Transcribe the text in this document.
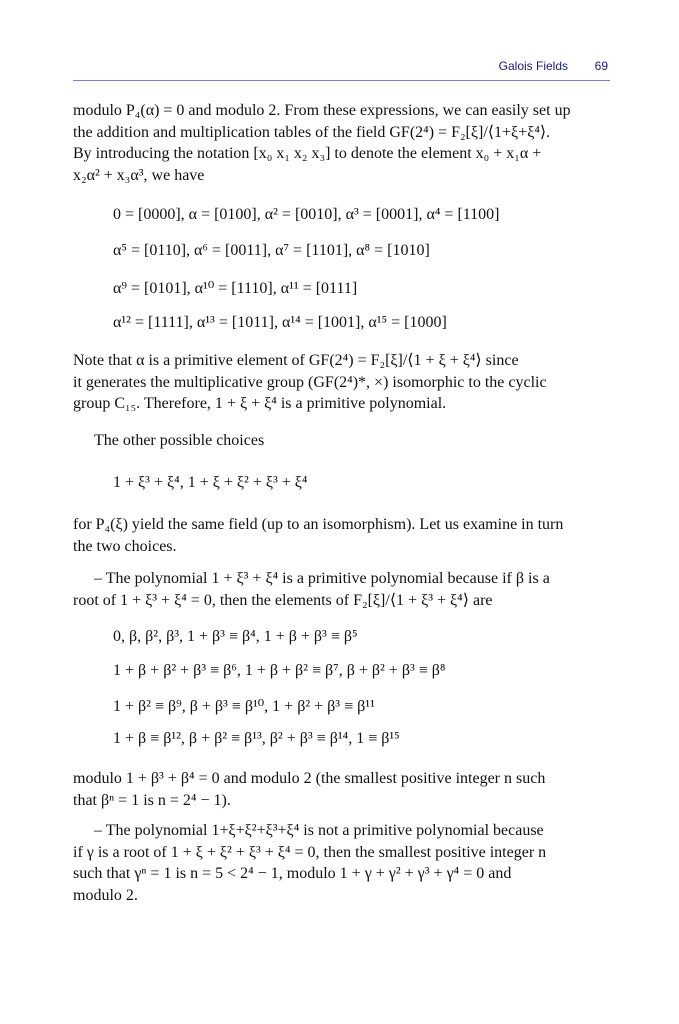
Galois Fields 69
modulo P₄(α) = 0 and modulo 2. From these expressions, we can easily set up
the addition and multiplication tables of the field GF(2⁴) = F₂[ξ]/⟨1+ξ+ξ⁴⟩.
By introducing the notation [x₀ x₁ x₂ x₃] to denote the element x₀ + x₁α +
x₂α² + x₃α³, we have
0 = [0000], α = [0100], α² = [0010], α³ = [0001], α⁴ = [1100]
α⁵ = [0110], α⁶ = [0011], α⁷ = [1101], α⁸ = [1010]
α⁹ = [0101], α¹⁰ = [1110], α¹¹ = [0111]
α¹² = [1111], α¹³ = [1011], α¹⁴ = [1001], α¹⁵ = [1000]
Note that α is a primitive element of GF(2⁴) = F₂[ξ]/⟨1 + ξ + ξ⁴⟩ since
it generates the multiplicative group (GF(2⁴)*, ×) isomorphic to the cyclic
group C₁₅. Therefore, 1 + ξ + ξ⁴ is a primitive polynomial.
The other possible choices
1 + ξ³ + ξ⁴, 1 + ξ + ξ² + ξ³ + ξ⁴
for P₄(ξ) yield the same field (up to an isomorphism). Let us examine in turn
the two choices.
– The polynomial 1 + ξ³ + ξ⁴ is a primitive polynomial because if β is a
root of 1 + ξ³ + ξ⁴ = 0, then the elements of F₂[ξ]/⟨1 + ξ³ + ξ⁴⟩ are
0, β, β², β³, 1 + β³ ≡ β⁴, 1 + β + β³ ≡ β⁵
1 + β + β² + β³ ≡ β⁶, 1 + β + β² ≡ β⁷, β + β² + β³ ≡ β⁸
1 + β² ≡ β⁹, β + β³ ≡ β¹⁰, 1 + β² + β³ ≡ β¹¹
1 + β ≡ β¹², β + β² ≡ β¹³, β² + β³ ≡ β¹⁴, 1 ≡ β¹⁵
modulo 1 + β³ + β⁴ = 0 and modulo 2 (the smallest positive integer n such
that βⁿ = 1 is n = 2⁴ − 1).
– The polynomial 1+ξ+ξ²+ξ³+ξ⁴ is not a primitive polynomial because
if γ is a root of 1 + ξ + ξ² + ξ³ + ξ⁴ = 0, then the smallest positive integer n
such that γⁿ = 1 is n = 5 < 2⁴ − 1, modulo 1 + γ + γ² + γ³ + γ⁴ = 0 and
modulo 2.
